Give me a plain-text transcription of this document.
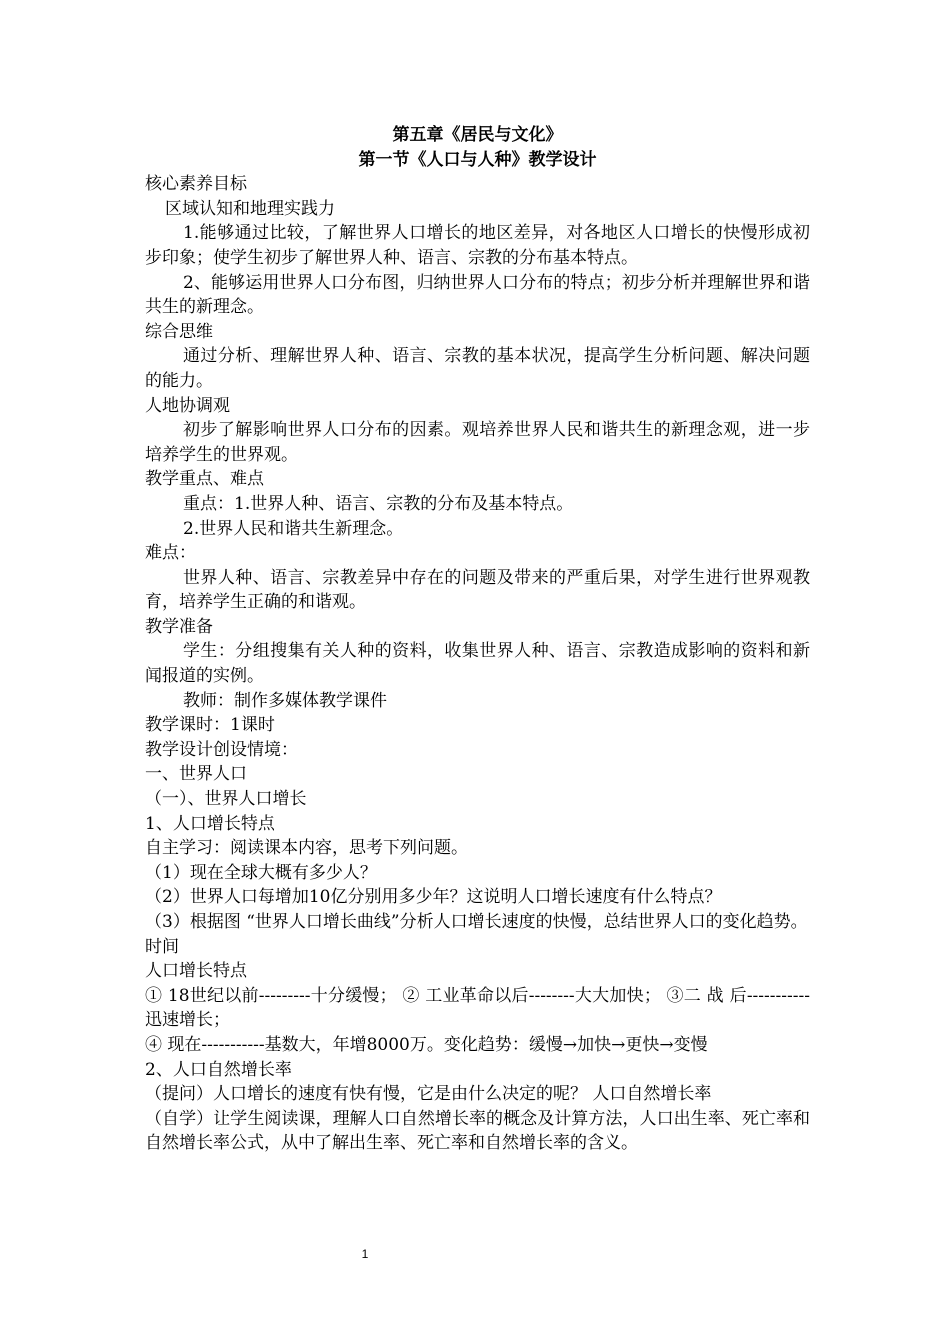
第五章《居民与文化》

第一节《人口与人种》教学设计

核心素养目标

区域认知和地理实践力

1.能够通过比较，了解世界人口增长的地区差异，对各地区人口增长的快慢形成初步印象；使学生初步了解世界人种、语言、宗教的分布基本特点。

2、能够运用世界人口分布图，归纳世界人口分布的特点；初步分析并理解世界和谐共生的新理念。

综合思维

通过分析、理解世界人种、语言、宗教的基本状况，提高学生分析问题、解决问题的能力。

人地协调观

初步了解影响世界人口分布的因素。观培养世界人民和谐共生的新理念观，进一步培养学生的世界观。

教学重点、难点

重点：1.世界人种、语言、宗教的分布及基本特点。

2.世界人民和谐共生新理念。

难点：

世界人种、语言、宗教差异中存在的问题及带来的严重后果，对学生进行世界观教育，培养学生正确的和谐观。

教学准备

学生：分组搜集有关人种的资料，收集世界人种、语言、宗教造成影响的资料和新闻报道的实例。

教师：制作多媒体教学课件

教学课时：1课时

教学设计创设情境：

一、世界人口

（一）、世界人口增长

1、人口增长特点

自主学习：阅读课本内容，思考下列问题。

（1）现在全球大概有多少人？

（2）世界人口每增加10亿分别用多少年？这说明人口增长速度有什么特点？

（3）根据图 “世界人口增长曲线”分析人口增长速度的快慢，总结世界人口的变化趋势。

时间

人口增长特点

① 18世纪以前---------十分缓慢； ② 工业革命以后--------大大加快； ③二 战 后-----------迅速增长；

④ 现在-----------基数大，年增8000万。变化趋势：缓慢→加快→更快→变慢

2、人口自然增长率

（提问）人口增长的速度有快有慢，它是由什么决定的呢？ 人口自然增长率

（自学）让学生阅读课，理解人口自然增长率的概念及计算方法，人口出生率、死亡率和自然增长率公式，从中了解出生率、死亡率和自然增长率的含义。

1
